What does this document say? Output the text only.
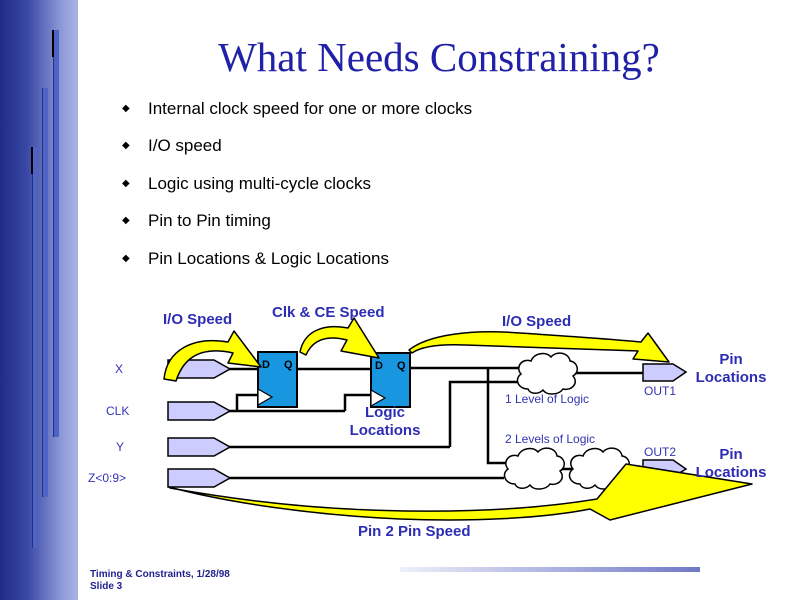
What Needs Constraining?
◆	Internal clock speed for one or more clocks
◆	I/O speed
◆	Logic using multi-cycle clocks
◆	Pin to Pin timing
◆	Pin Locations & Logic Locations
I/O Speed	Clk & CE Speed
I/O Speed
Pin
Locations
Pin
Locations
Logic
Locations
Pin 2 Pin Speed
1 Level of Logic
2 Levels of Logic
X
CLK
Y
Z<0:9>
OUT1
OUT2
D Q	D Q
Timing & Constraints, 1/28/98
Slide 3
